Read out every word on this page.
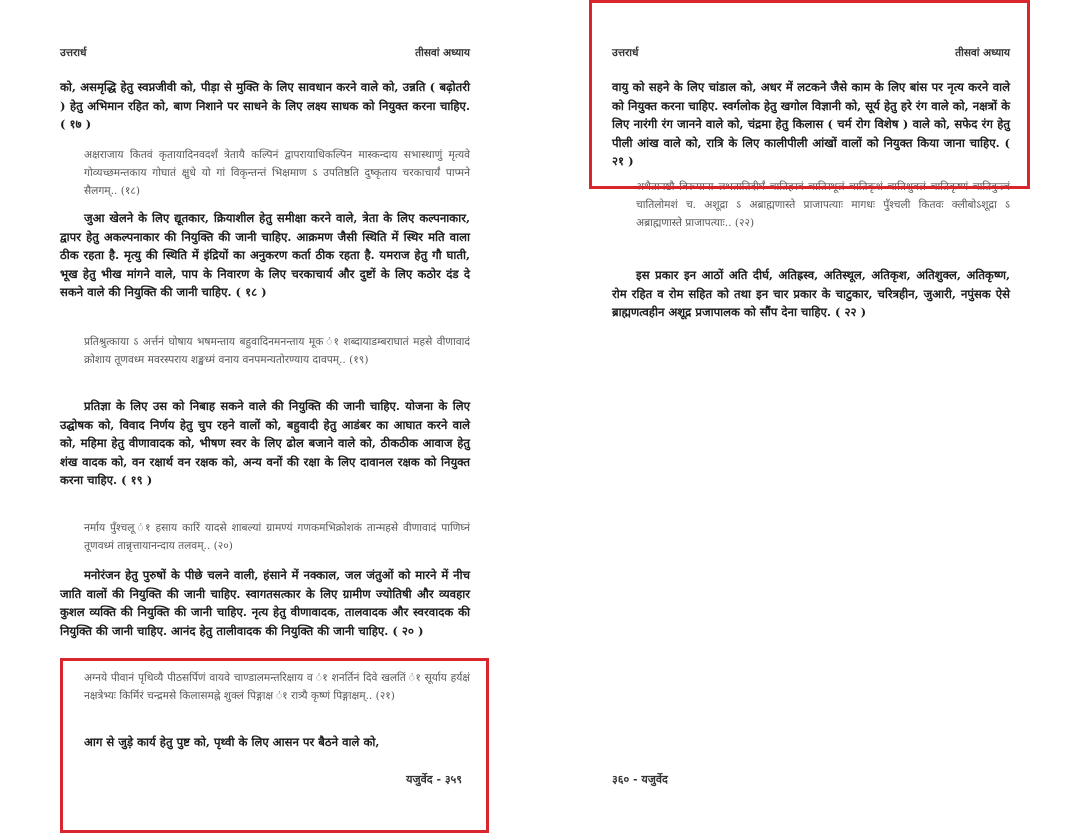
उत्तरार्ध	तीसवां अध्याय

को, असमृद्धि हेतु स्वप्नजीवी को, पीड़ा से मुक्ति के लिए सावधान करने वाले को, उन्नति ( बढ़ोतरी ) हेतु अभिमान रहित को, बाण निशाने पर साधने के लिए लक्ष्य साधक को नियुक्त करना चाहिए. ( १७ )

अक्षराजाय कितवं कृतायादिनवदर्शं त्रेतायै कल्पिनं द्वापरायाधिकल्पिन मास्कन्दाय सभास्थाणुं मृत्यवे गोव्यच्छमन्तकाय गोघातं क्षुधे यो गां विकृन्तन्तं भिक्षमाण ऽ उपतिष्ठति दुष्कृताय चरकाचार्यं पाप्मने सैलगम्.. (१८)

जुआ खेलने के लिए द्यूतकार, क्रियाशील हेतु समीक्षा करने वाले, त्रेता के लिए कल्पनाकार, द्वापर हेतु अकल्पनाकार की नियुक्ति की जानी चाहिए. आक्रमण जैसी स्थिति में स्थिर मति वाला ठीक रहता है. मृत्यु की स्थिति में इंद्रियों का अनुकरण कर्ता ठीक रहता है. यमराज हेतु गौ घाती, भूख हेतु भीख मांगने वाले, पाप के निवारण के लिए चरकाचार्य और दुष्टों के लिए कठोर दंड दे सकने वाले की नियुक्ति की जानी चाहिए. ( १८ )

प्रतिश्रुत्काया ऽ अर्त्तनं घोषाय भषमन्ताय बहुवादिनमनन्ताय मूक ं१ शब्दायाडम्बराघातं महसे वीणावादं क्रोशाय तूणवध्म मवरस्पराय शङ्खध्मं वनाय वनपमन्यतोरण्याय दावपम्.. (१९)

प्रतिज्ञा के लिए उस को निबाह सकने वाले की नियुक्ति की जानी चाहिए. योजना के लिए उद्घोषक को, विवाद निर्णय हेतु चुप रहने वालों को, बहुवादी हेतु आडंबर का आघात करने वाले को, महिमा हेतु वीणावादक को, भीषण स्वर के लिए ढोल बजाने वाले को, ठीकठीक आवाज हेतु शंख वादक को, वन रक्षार्थ वन रक्षक को, अन्य वनों की रक्षा के लिए दावानल रक्षक को नियुक्त करना चाहिए. ( १९ )

नर्माय पुँश्चलू ं१ हसाय कारिं यादसे शाबल्यां ग्रामण्यं गणकमभिक्रोशकं तान्महसे वीणावादं पाणिघ्नं तूणवध्मं तान्नृत्तायानन्दाय तलवम्.. (२०)

मनोरंजन हेतु पुरुषों के पीछे चलने वाली, हंसाने में नक्काल, जल जंतुओं को मारने में नीच जाति वालों की नियुक्ति की जानी चाहिए. स्वागतसत्कार के लिए ग्रामीण ज्योतिषी और व्यवहार कुशल व्यक्ति की नियुक्ति की जानी चाहिए. नृत्य हेतु वीणावादक, तालवादक और स्वरवादक की नियुक्ति की जानी चाहिए. आनंद हेतु तालीवादक की नियुक्ति की जानी चाहिए. ( २० )

अग्नये पीवानं पृथिव्यै पीठसर्पिणं वायवे चाण्डालमन्तरिक्षाय व ं१ शनर्तिनं दिवे खलतिं ं१ सूर्याय हर्यक्षं नक्षत्रेभ्यः किर्मिरं चन्द्रमसे किलासमह्ने शुक्लं पिङ्गाक्ष ं१ रात्र्यै कृष्णं पिङ्गाक्षम्.. (२१)

आग से जुड़े कार्य हेतु पुष्ट को, पृथ्वी के लिए आसन पर बैठने वाले को,

यजुर्वेद - ३५९
उत्तरार्ध	तीसवां अध्याय

वायु को सहने के लिए चांडाल को, अधर में लटकने जैसे काम के लिए बांस पर नृत्य करने वाले को नियुक्त करना चाहिए. स्वर्गलोक हेतु खगोल विज्ञानी को, सूर्य हेतु हरे रंग वाले को, नक्षत्रों के लिए नारंगी रंग जानने वाले को, चंद्रमा हेतु किलास ( चर्म रोग विशेष ) वाले को, सफेद रंग हेतु पीली आंख वाले को, रात्रि के लिए कालीपीली आंखों वालों को नियुक्त किया जाना चाहिए. ( २१ )

अथैतानष्टौ विरूपाना लभतातिदीर्घं चातिह्रस्वं चातिस्थूलं चातिकृशं चातिशुक्लं चातिकृष्णं चातिकुल्वं चातिलोमशं च. अशूद्रा ऽ अब्राह्मणास्ते प्राजापत्याः मागधः पुँश्चली कितवः क्लीबोऽशूद्रा ऽ अब्राह्मणास्ते प्राजापत्याः.. (२२)

इस प्रकार इन आठों अति दीर्घ, अतिह्रस्व, अतिस्थूल, अतिकृश, अतिशुक्ल, अतिकृष्ण, रोम रहित व रोम सहित को तथा इन चार प्रकार के चाटुकार, चरित्रहीन, जुआरी, नपुंसक ऐसे ब्राह्मणत्वहीन अशूद्र प्रजापालक को सौंप देना चाहिए. ( २२ )

३६० - यजुर्वेद
